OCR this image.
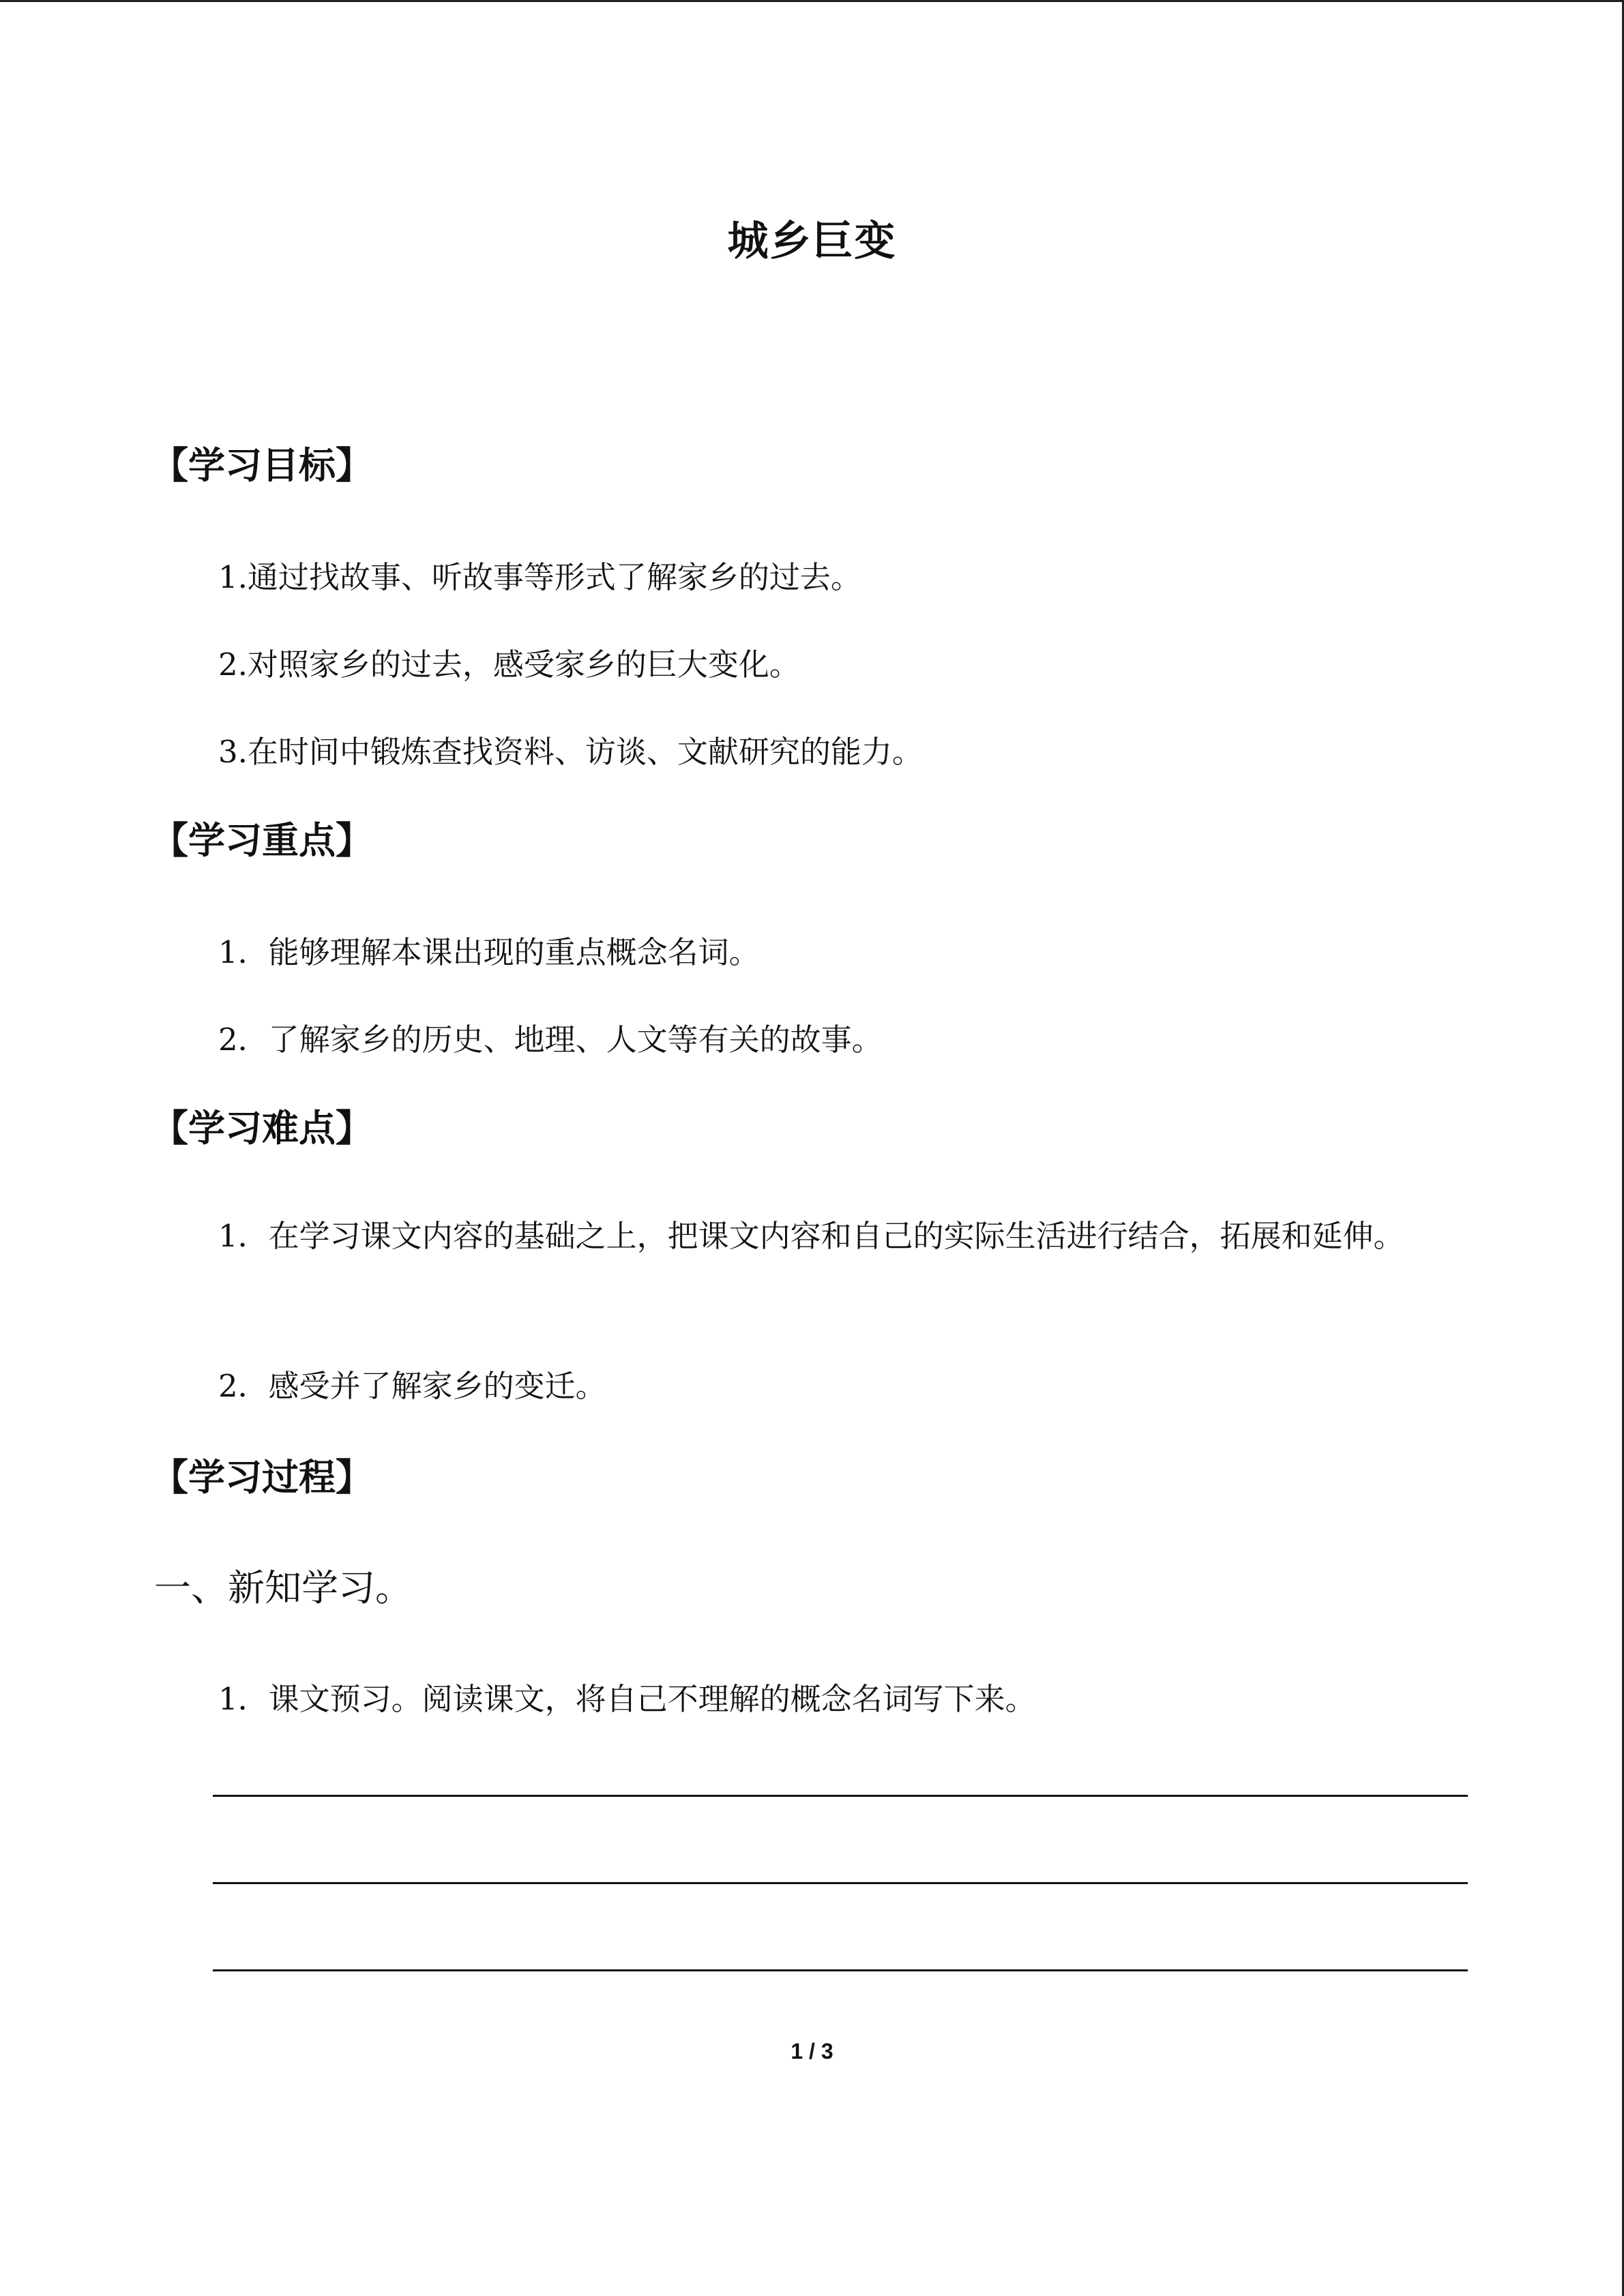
城乡巨变
【学习目标】
1.通过找故事、听故事等形式了解家乡的过去。
2.对照家乡的过去，感受家乡的巨大变化。
3.在时间中锻炼查找资料、访谈、文献研究的能力。
【学习重点】
1．能够理解本课出现的重点概念名词。
2．了解家乡的历史、地理、人文等有关的故事。
【学习难点】
1．在学习课文内容的基础之上，把课文内容和自己的实际生活进行结合，拓展和延伸。
2．感受并了解家乡的变迁。
【学习过程】
一、新知学习。
1．课文预习。阅读课文，将自己不理解的概念名词写下来。
1 / 3
